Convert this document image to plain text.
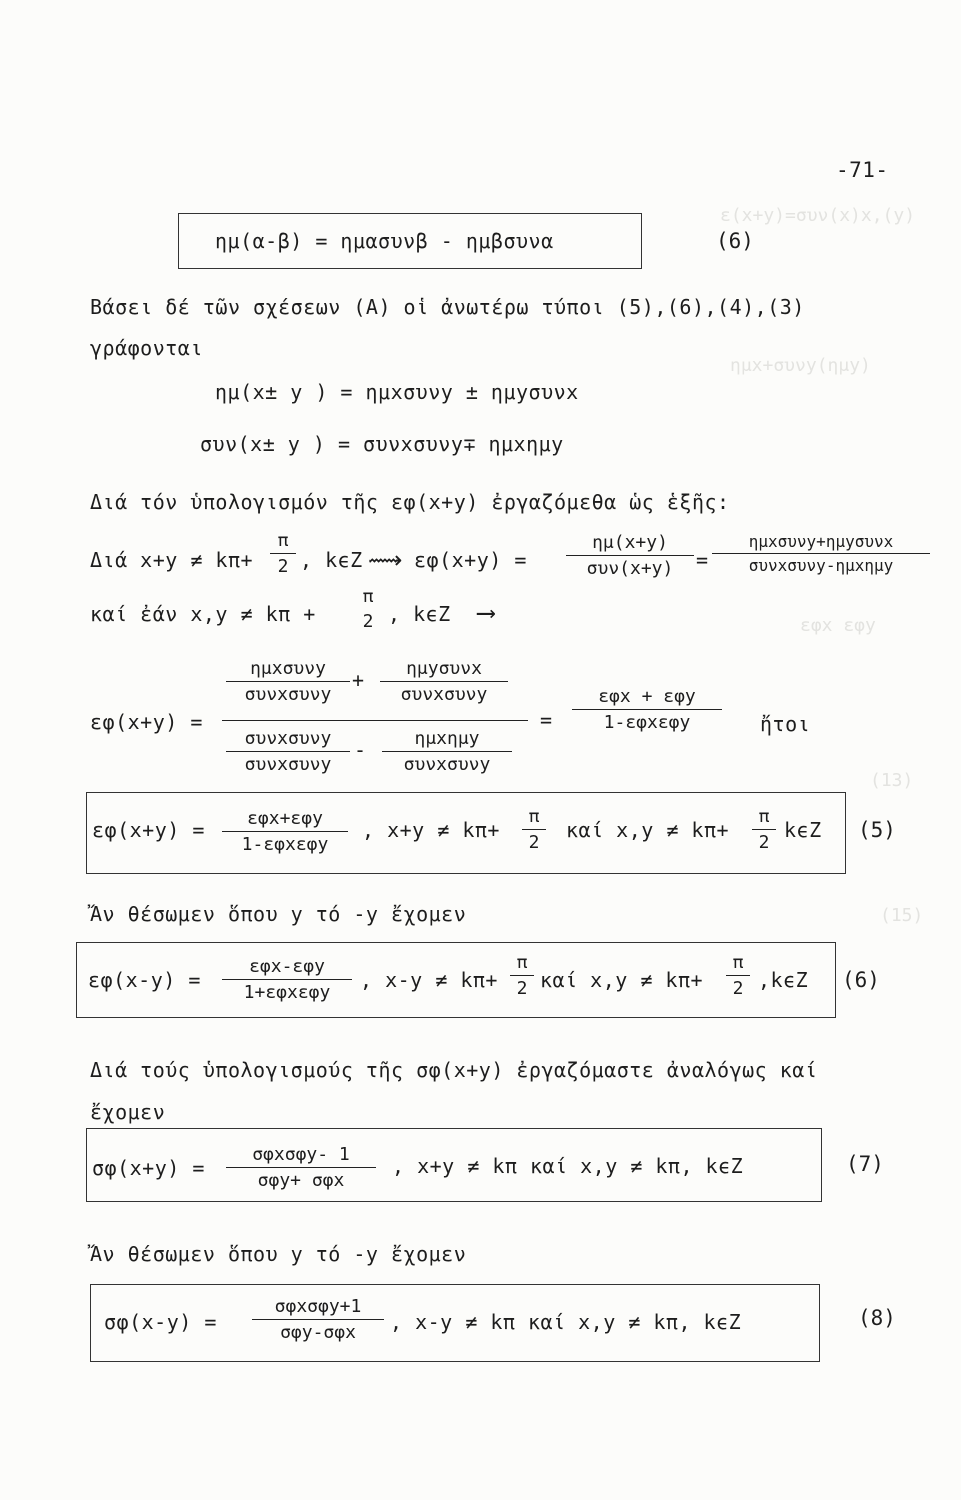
ε(x+y)=συν(x)x,(y)
ημx+συνy(ημy)
εφx εφy
(13)
(15)
-71-
ημ(α-β) = ημασυνβ - ημβσυνα	(6)
Βάσει δέ τῶν σχέσεων (Α) οἱ ἀνωτέρω τύποι (5),(6),(4),(3)
γράφονται
ημ(x± y ) = ημxσυνy ± ημyσυνx
συν(x± y ) = συνxσυνy∓ ημxημy
Διά τόν ὑπολογισμόν τῆς εφ(x+y) ἐργαζόμεθα ὡς ἑξῆς:
Διά $x+y \ne k\pi+ \frac{\pi}{2}$ , kϵZ ⟿ εφ(x+y) =
ημ(x+y)
συν(x+y)	=
ημxσυνy+ημyσυνx
συνxσυνy-ημxημy
καί ἐάν x,y ≠ kπ +
π
2 , kϵZ ⟶
εφ(x+y) =
ημxσυνy
συνxσυνy
+	ημyσυνx
συνxσυνy
συνxσυνy
συνxσυνy
-	ημxημy
συνxσυνy
=
εφx + εφy
1-εφxεφy	ἤτοι
εφ(x+y) =	εφx+εφy
1-εφxεφy
, $x+y \ne k\pi+ \frac{\pi}{2}$ καί $x,y \ne k\pi+ \frac{\pi}{2}$ kϵZ (5)
Ἄν θέσωμεν ὅπου y τό -y ἔχομεν
εφ(x-y) =
εφx-εφy
1+εφxεφy
, $x-y \ne k\pi+ \frac{\pi}{2}$ καί $x,y \ne k\pi+ \frac{\pi}{2} ,k\epsilon Z$ (6)
Διά τούς ὑπολογισμούς τῆς σφ(x+y) ἐργαζόμαστε ἀναλόγως καί
ἔχομεν
σφ(x+y) =
σφxσφy- 1
σφy+ σφx
, x+y ≠ kπ καί x,y ≠ kπ, kϵZ	(7)
Ἄν θέσωμεν ὅπου y τό -y ἔχομεν
σφ(x-y) =
σφxσφy+1
σφy-σφx	, x-y ≠ kπ καί x,y ≠ kπ, kϵZ	(8)
